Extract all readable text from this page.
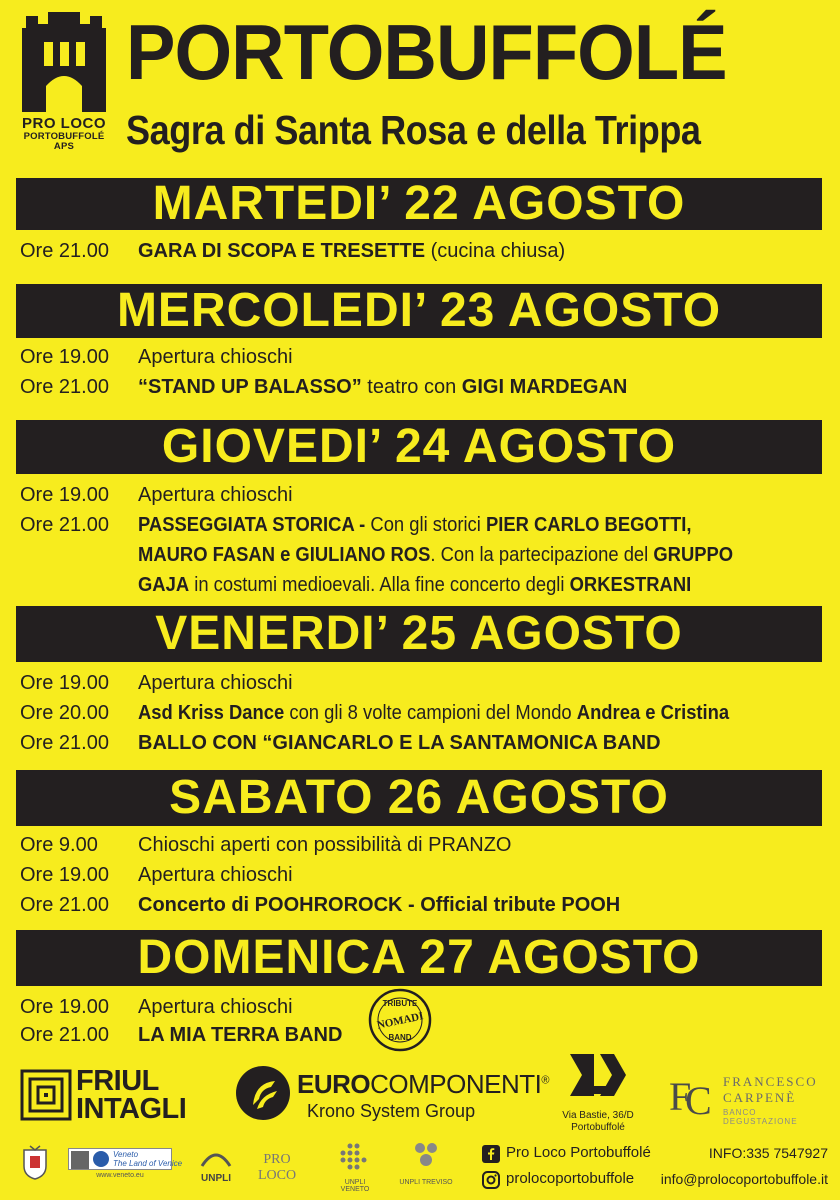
PRO LOCO
PORTOBUFFOLÉ APS
PORTOBUFFOLÉ
Sagra di Santa Rosa e della Trippa
MARTEDI’ 22 AGOSTO
Ore 21.00	GARA DI SCOPA E TRESETTE (cucina chiusa)
MERCOLEDI’ 23 AGOSTO
Ore 19.00	Apertura chioschi
Ore 21.00	“STAND UP BALASSO” teatro con GIGI MARDEGAN
GIOVEDI’ 24 AGOSTO
Ore 19.00	Apertura chioschi
Ore 21.00	PASSEGGIATA STORICA - Con gli storici PIER CARLO BEGOTTI,
MAURO FASAN e GIULIANO ROS. Con la partecipazione del GRUPPO
GAJA in costumi medioevali. Alla fine concerto degli ORKESTRANI
VENERDI’ 25 AGOSTO
Ore 19.00	Apertura chioschi
Ore 20.00	Asd Kriss Dance con gli 8 volte campioni del Mondo Andrea e Cristina
Ore 21.00	BALLO CON “GIANCARLO E LA SANTAMONICA BAND
SABATO 26 AGOSTO
Ore 9.00	Chioschi aperti con possibilità di PRANZO
Ore 19.00	Apertura chioschi
Ore 21.00	Concerto di POOHROROCK - Official tribute POOH
DOMENICA 27 AGOSTO
Ore 19.00	Apertura chioschi
Ore 21.00	LA MIA TERRA BAND
TRIBUTE
NOMADI
BAND
FRIUL
INTAGLI
EUROCOMPONENTI®
Krono System Group	Via Bastie, 36/D
Portobuffolé
F
C FRANCESCO
CARPENÈ
BANCO DEGUSTAZIONE
Veneto
The Land of Venice
www.veneto.eu	UNPLI
PRO LOCO	UNPLI VENETO
UNPLI TREVISO
Pro Loco Portobuffolé
prolocoportobuffole
INFO:335 7547927
info@prolocoportobuffole.it
